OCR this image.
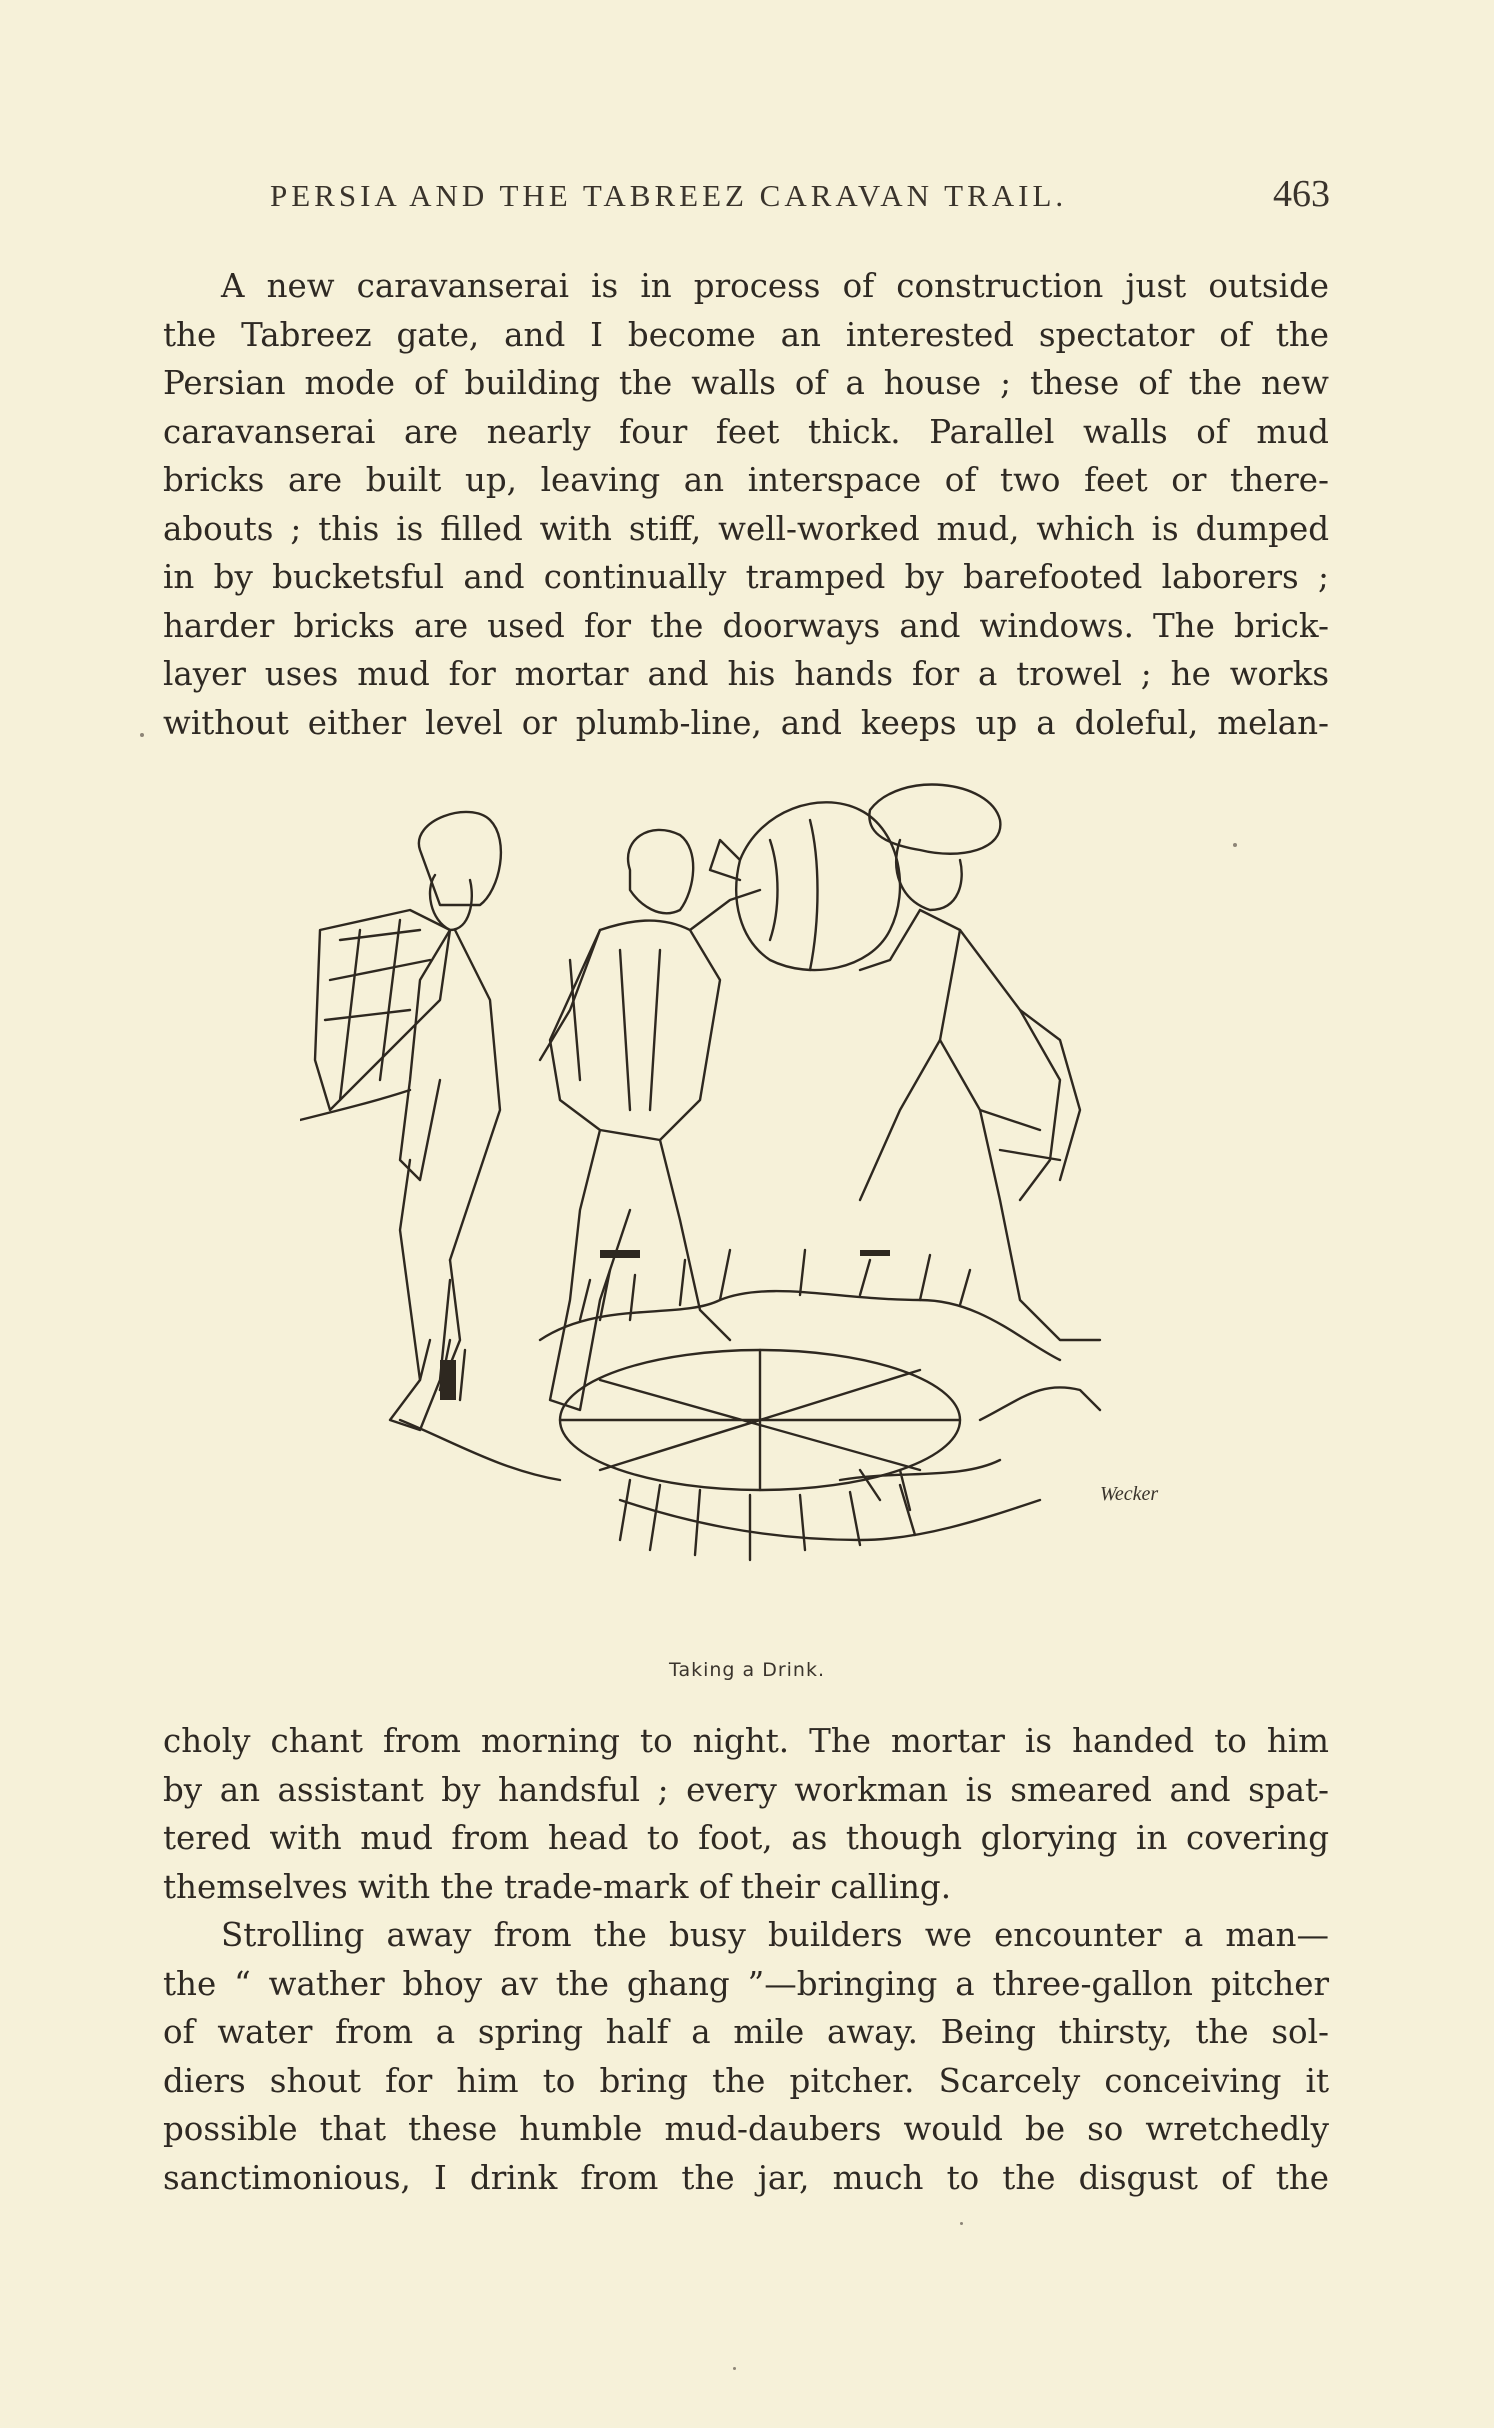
PERSIA AND THE TABREEZ CARAVAN TRAIL.	463

A new caravanserai is in process of construction just outside

the Tabreez gate, and I become an interested spectator of the

Persian mode of building the walls of a house ; these of the new

caravanserai are nearly four feet thick. Parallel walls of mud

bricks are built up, leaving an interspace of two feet or there-

abouts ; this is filled with stiff, well-worked mud, which is dumped

in by bucketsful and continually tramped by barefooted laborers ;

harder bricks are used for the doorways and windows. The brick-

layer uses mud for mortar and his hands for a trowel ; he works

without either level or plumb-line, and keeps up a doleful, melan-

Wecker
Taking a Drink.

choly chant from morning to night. The mortar is handed to him

by an assistant by handsful ; every workman is smeared and spat-

tered with mud from head to foot, as though glorying in covering

themselves with the trade-mark of their calling.

Strolling away from the busy builders we encounter a man—

the “ wather bhoy av the ghang ”—bringing a three-gallon pitcher

of water from a spring half a mile away. Being thirsty, the sol-

diers shout for him to bring the pitcher. Scarcely conceiving it

possible that these humble mud-daubers would be so wretchedly

sanctimonious, I drink from the jar, much to the disgust of the
